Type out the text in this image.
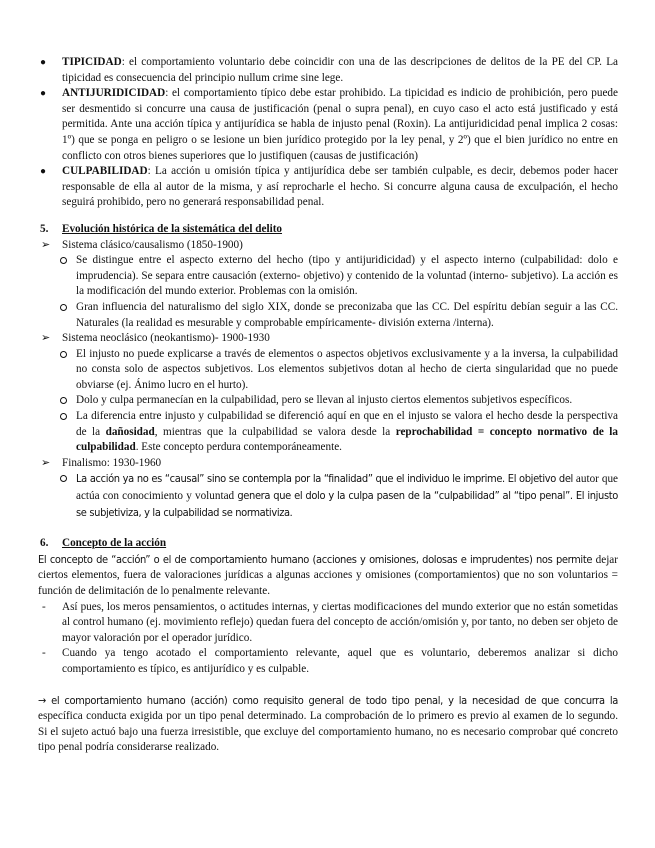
● TIPICIDAD: el comportamiento voluntario debe coincidir con una de las descripciones de delitos de la PE del CP. La tipicidad es consecuencia del principio nullum crime sine lege.

● ANTIJURIDICIDAD: el comportamiento típico debe estar prohibido. La tipicidad es indicio de prohibición, pero puede ser desmentido si concurre una causa de justificación (penal o supra penal), en cuyo caso el acto está justificado y está permitida. Ante una acción típica y antijurídica se habla de injusto penal (Roxin). La antijuridicidad penal implica 2 cosas: 1º) que se ponga en peligro o se lesione un bien jurídico protegido por la ley penal, y 2º) que el bien jurídico no entre en conflicto con otros bienes superiores que lo justifiquen (causas de justificación)

● CULPABILIDAD: La acción u omisión típica y antijurídica debe ser también culpable, es decir, debemos poder hacer responsable de ella al autor de la misma, y así reprocharle el hecho. Si concurre alguna causa de exculpación, el hecho seguirá prohibido, pero no generará responsabilidad penal.

5. Evolución histórica de la sistemática del delito
➢ Sistema clásico/causalismo (1850-1900)

Se distingue entre el aspecto externo del hecho (tipo y antijuridicidad) y el aspecto interno (culpabilidad: dolo e imprudencia). Se separa entre causación (externo- objetivo) y contenido de la voluntad (interno- subjetivo). La acción es la modificación del mundo exterior. Problemas con la omisión.

Gran influencia del naturalismo del siglo XIX, donde se preconizaba que las CC. Del espíritu debían seguir a las CC. Naturales (la realidad es mesurable y comprobable empíricamente- división externa /interna).

➢ Sistema neoclásico (neokantismo)- 1900-1930

El injusto no puede explicarse a través de elementos o aspectos objetivos exclusivamente y a la inversa, la culpabilidad no consta solo de aspectos subjetivos. Los elementos subjetivos dotan al hecho de cierta singularidad que no puede obviarse (ej. Ánimo lucro en el hurto).

Dolo y culpa permanecían en la culpabilidad, pero se llevan al injusto ciertos elementos subjetivos específicos.

La diferencia entre injusto y culpabilidad se diferenció aquí en que en el injusto se valora el hecho desde la perspectiva de la dañosidad, mientras que la culpabilidad se valora desde la reprochabilidad = concepto normativo de la culpabilidad. Este concepto perdura contemporáneamente.

➢ Finalismo: 1930-1960

La acción ya no es “causal” sino se contempla por la “finalidad” que el individuo le imprime. El objetivo del autor que actúa con conocimiento y voluntad genera que el dolo y la culpa pasen de la “culpabilidad” al “tipo penal”. El injusto se subjetiviza, y la culpabilidad se normativiza.

6. Concepto de la acción

El concepto de “acción” o el de comportamiento humano (acciones y omisiones, dolosas e imprudentes) nos permite dejar ciertos elementos, fuera de valoraciones jurídicas a algunas acciones y omisiones (comportamientos) que no son voluntarios = función de delimitación de lo penalmente relevante.

- Así pues, los meros pensamientos, o actitudes internas, y ciertas modificaciones del mundo exterior que no están sometidas al control humano (ej. movimiento reflejo) quedan fuera del concepto de acción/omisión y, por tanto, no deben ser objeto de mayor valoración por el operador jurídico.

- Cuando ya tengo acotado el comportamiento relevante, aquel que es voluntario, deberemos analizar si dicho comportamiento es típico, es antijurídico y es culpable.

→ el comportamiento humano (acción) como requisito general de todo tipo penal, y la necesidad de que concurra la específica conducta exigida por un tipo penal determinado. La comprobación de lo primero es previo al examen de lo segundo. Si el sujeto actuó bajo una fuerza irresistible, que excluye del comportamiento humano, no es necesario comprobar qué concreto tipo penal podría considerarse realizado.
